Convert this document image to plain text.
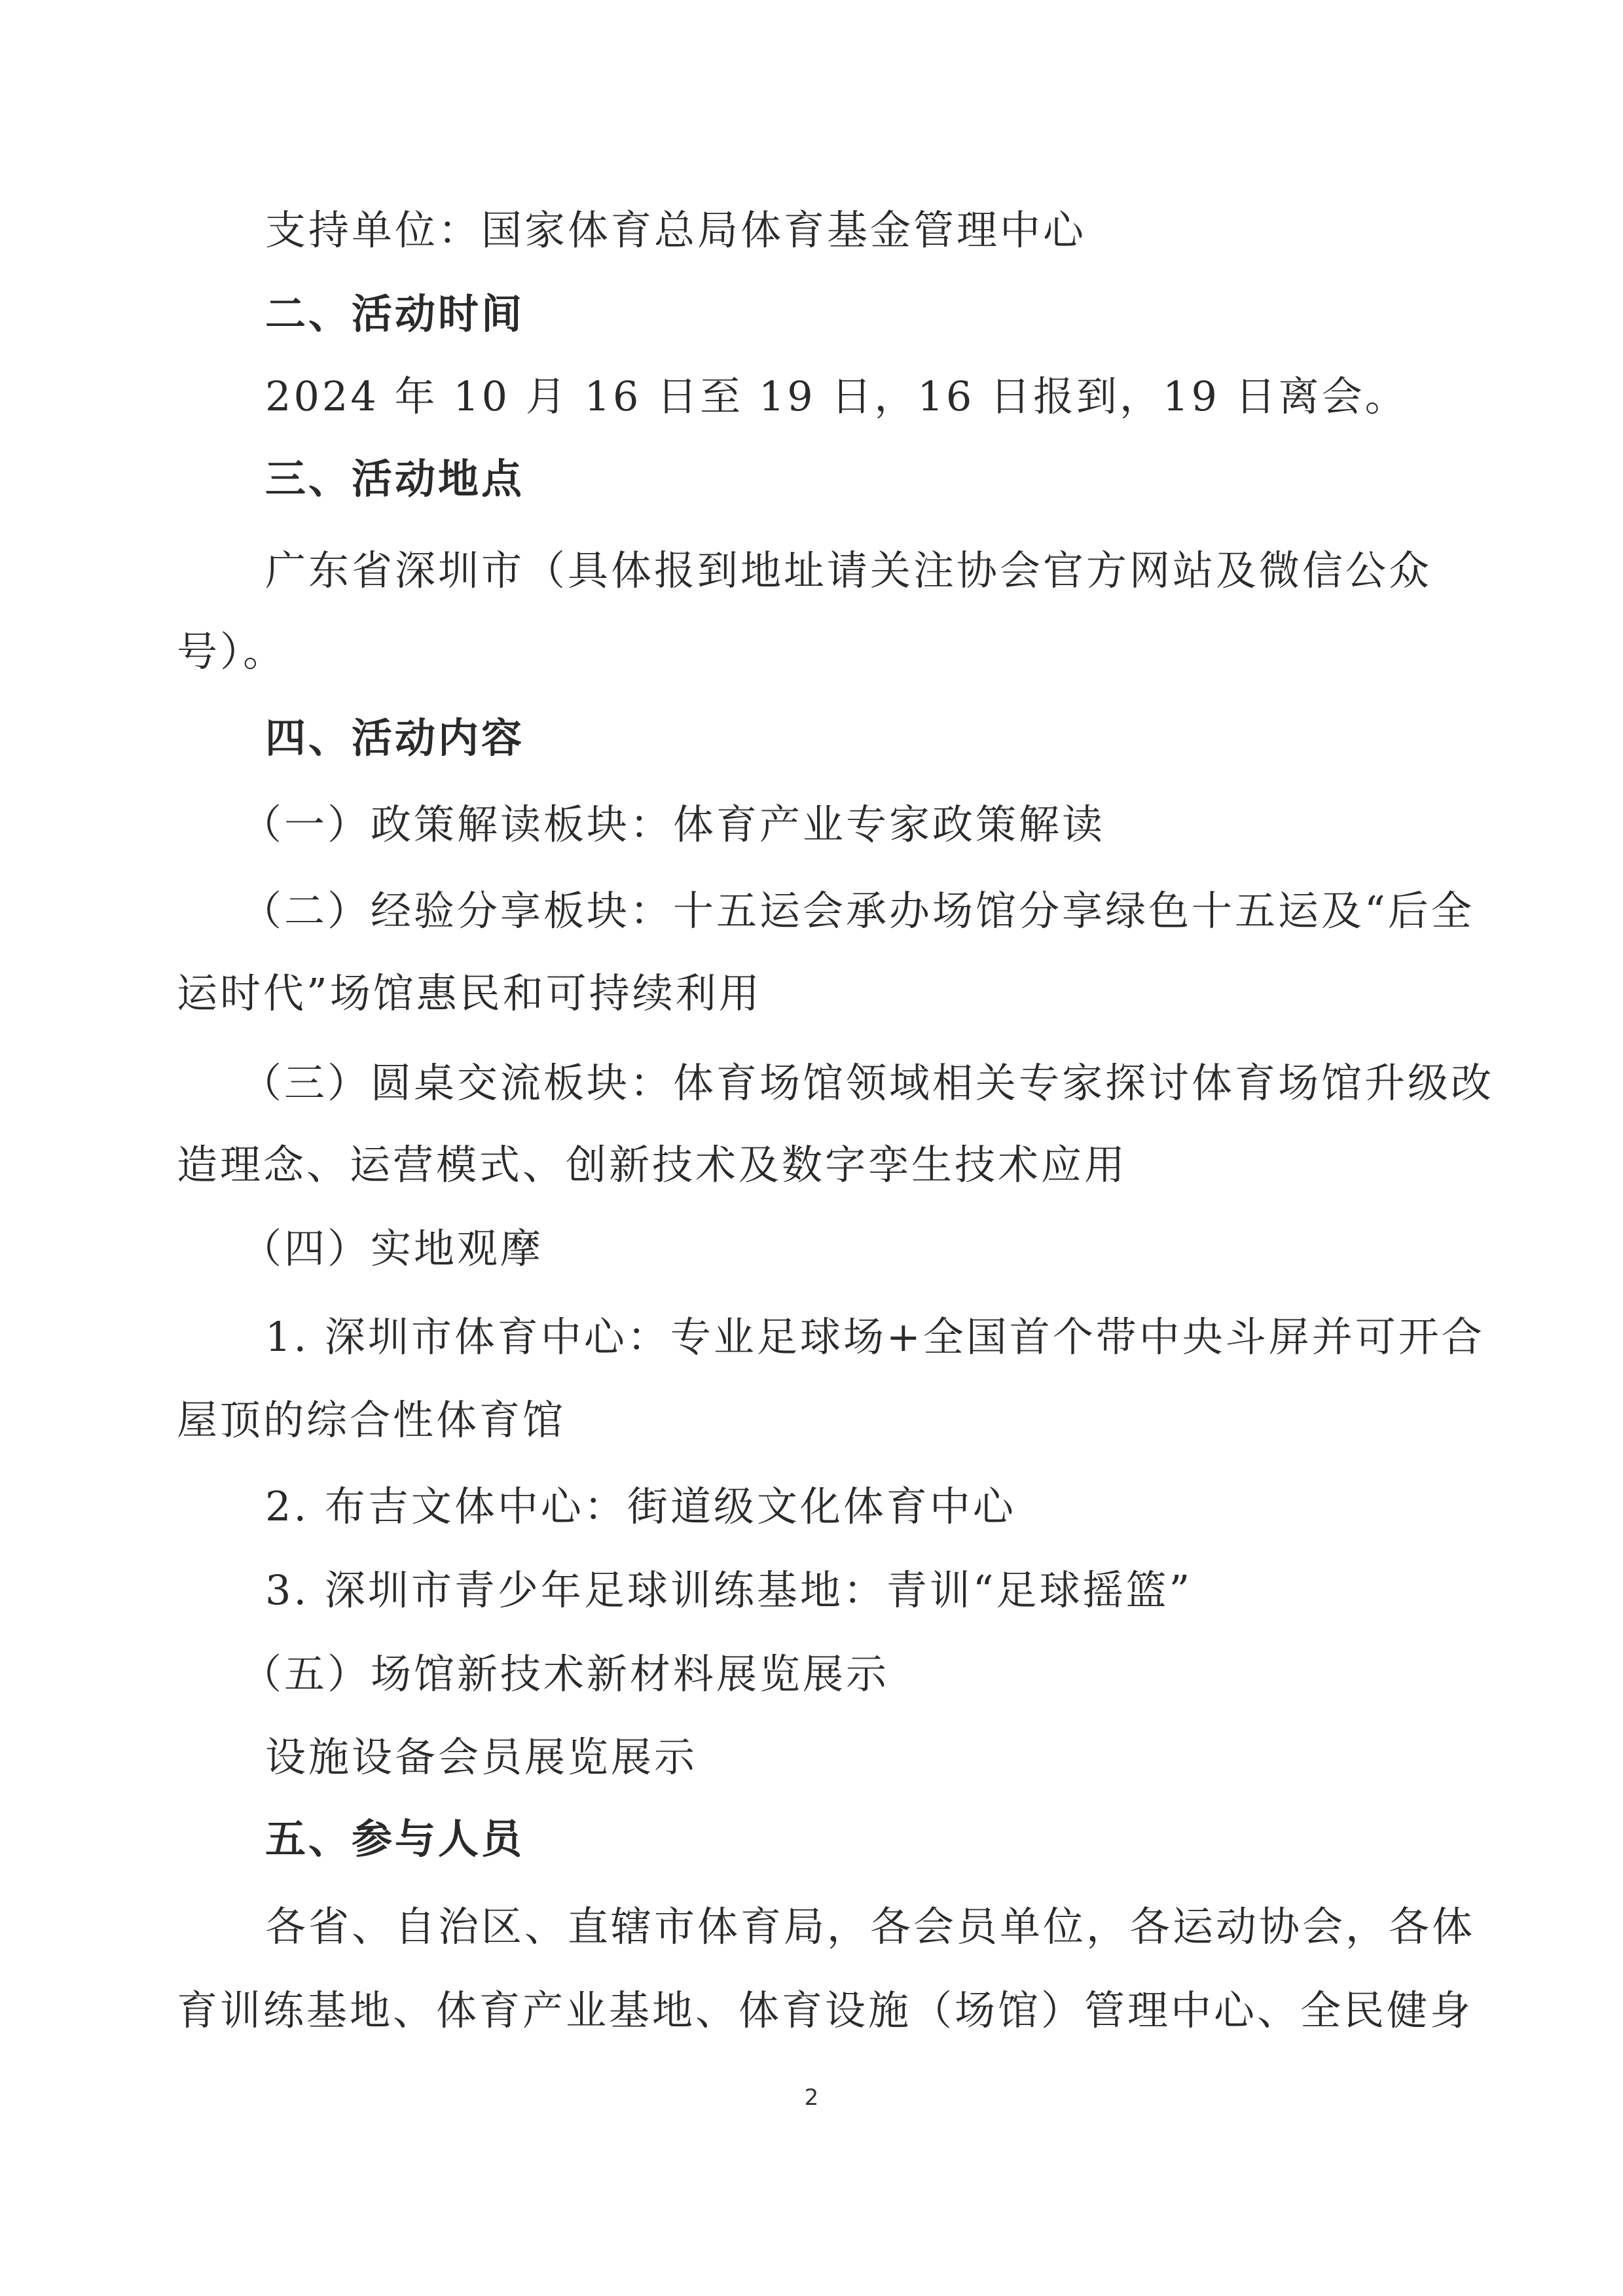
支持单位：国家体育总局体育基金管理中心
二、活动时间
2024 年 10 月 16 日至 19 日，16 日报到，19 日离会。
三、活动地点
广东省深圳市（具体报到地址请关注协会官方网站及微信公众
号）。
四、活动内容
（一）政策解读板块：体育产业专家政策解读
（二）经验分享板块：十五运会承办场馆分享绿色十五运及“后全
运时代”场馆惠民和可持续利用
（三）圆桌交流板块：体育场馆领域相关专家探讨体育场馆升级改
造理念、运营模式、创新技术及数字孪生技术应用
（四）实地观摩
1. 深圳市体育中心：专业足球场+全国首个带中央斗屏并可开合
屋顶的综合性体育馆
2. 布吉文体中心：街道级文化体育中心
3. 深圳市青少年足球训练基地：青训“足球摇篮”
（五）场馆新技术新材料展览展示
设施设备会员展览展示
五、参与人员
各省、自治区、直辖市体育局，各会员单位，各运动协会，各体
育训练基地、体育产业基地、体育设施（场馆）管理中心、全民健身
2
